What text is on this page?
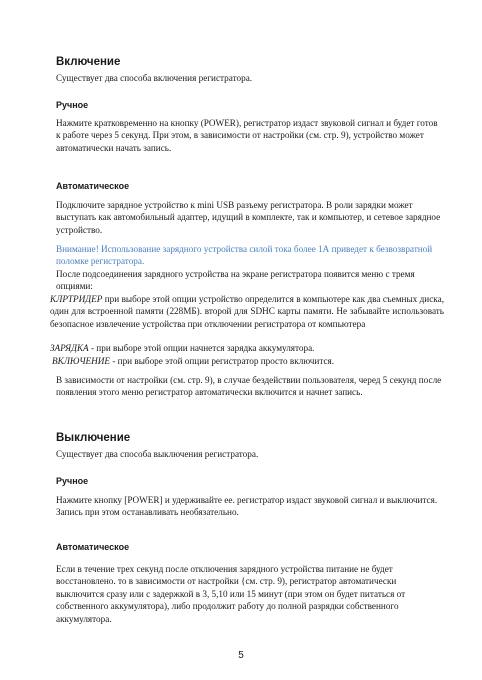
Включение

Существует два способа включения регистратора.

Ручное

Нажмите кратковременно на кнопку (POWER), регистратор издаст звуковой сигнал и будет готов к работе через 5 секунд. При этом, в зависимости от настройки (см. стр. 9), устройство может автоматически начать запись.

Автоматическое

Подключите зарядное устройство к mini USB разъему регистратора. В роли зарядки может выступать как автомобильный адаптер, идущий в комплекте, так и компьютер, и сетевое зарядное устройство.

Внимание! Использование зарядного устройства силой тока более 1А приведет к безвозвратной поломке регистратора.

После подсоединения зарядного устройства на экране регистратора появится меню с тремя опциями:

КЛРТРИДЕР при выборе этой опции устройство определится в компьютере как два съемных диска, один для встроенной памяти (228МБ). второй для SDHC карты памяти. Не забывайте использовать безопасное извлечение устройства при отключении регистратора от компьютера

ЗАРЯДКА - при выборе этой опции начнется зарядка аккумулятора.

ВКЛЮЧЕНИЕ - при выборе этой опции регистратор просто включится.

В зависимости от настройки (см. стр. 9), в случае бездействии пользователя, черед 5 секунд после появления этого меню регистратор автоматически включится и начнет запись.

Выключение

Существует два способа выключения регистратора.

Ручное

Нажмите кнопку [POWER] и удерживайте ее. регистратор издаст звуковой сигнал и выключится. Запись при этом останавливать необязательно.

Автоматическое

Если в течение трех секунд после отключения зарядного устройства питание не будет восстановлено. то в зависимости от настройки {см. стр. 9), регистратор автоматически выключится сразу или с задержкой в 3, 5,10 или 15 минут (при этом он будет питаться от собственного аккумулятора), либо продолжит работу до полной разрядки собственного аккумулятора.

5
